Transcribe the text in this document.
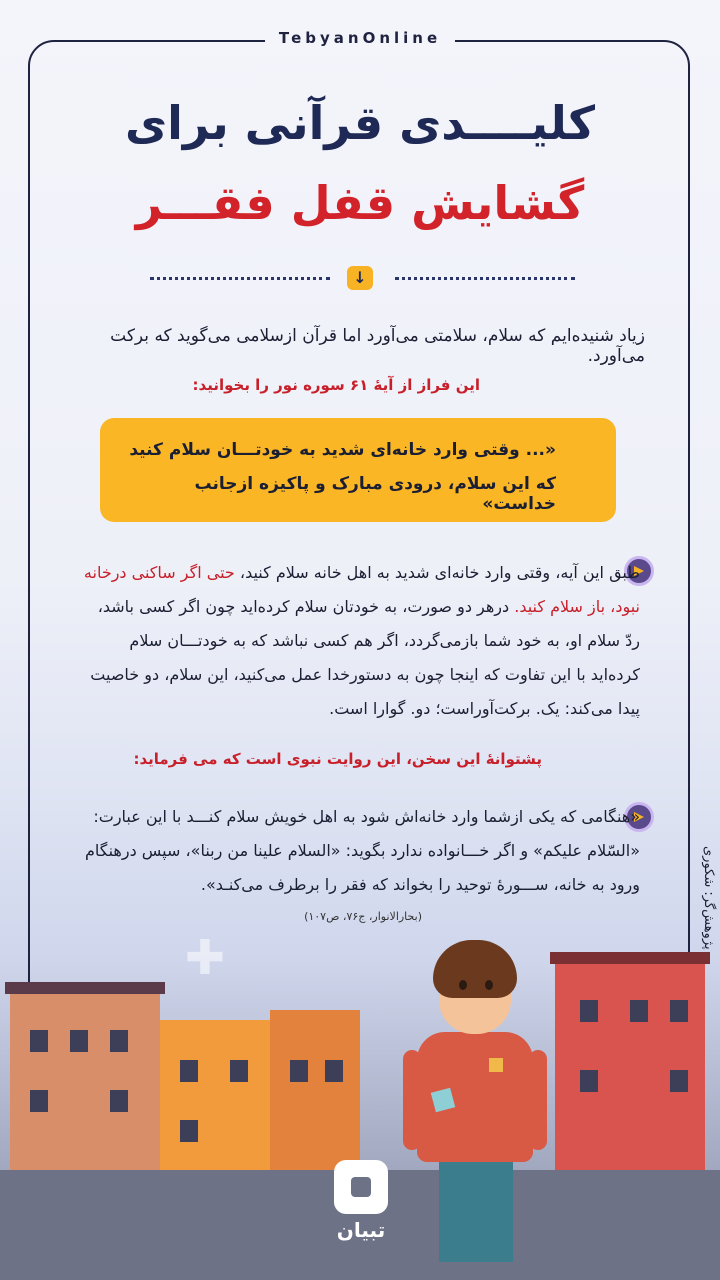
TebyanOnline
کلیــــدی قرآنی برای
گشایش قفل فقـــر
↓
زیاد شنیده‌ایم که سلام، سلامتی می‌آورد اما قرآن ازسلامی می‌گوید که برکت می‌آورد.
این فراز از آیهٔ ۶۱ سوره نور را بخوانید:
«... وقتی وارد خانه‌ای شدید به خودتـــان سلام کنید
که این سلام، درودی مبارک و پاکیزه ازجانب خداست»
طبق این آیه، وقتی وارد خانه‌ای شدید به اهل خانه سلام کنید، حتی اگر ساکنی درخانه نبود، باز سلام کنید. درهر دو صورت، به خودتان سلام کرده‌اید چون اگر کسی باشد، ردّ سلام او، به خود شما بازمی‌گردد، اگر هم کسی نباشد که به خودتـــان سلام کرده‌اید با این تفاوت که اینجا چون به دستورخدا عمل می‌کنید، این سلام، دو خاصیت پیدا می‌کند: یک. برکت‌آوراست؛ دو. گوارا است.
پشتوانهٔ این سخن، این روایت نبوی است که می فرماید:
«هنگامی که یکی ازشما وارد خانه‌اش شود به اهل خویش سلام کنـــد با این عبارت: «السّلام علیکم» و اگر خـــانواده ندارد بگوید: «السلام علینا من ربنا»، سپس درهنگام ورود به خانه، ســـورهٔ توحید را بخواند که فقر را برطرف می‌کنـد».
(بحارالانوار، ج۷۶، ص۱۰۷)	پژوهش‌گر: شکوری
✚
تبیان
